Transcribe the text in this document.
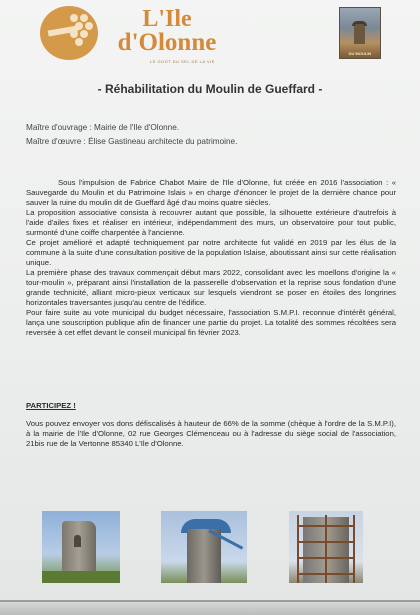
L'Ile
d'Olonne
LE GOÛT DU SEL DE LA VIE
DU MOULIN
- Réhabilitation du Moulin de Gueffard -
Maître d'ouvrage : Mairie de l'Ile d'Olonne.
Maître d'œuvre : Élise Gastineau architecte du patrimoine.

Sous l'impulsion de Fabrice Chabot Maire de l'Ile d'Olonne, fut créée en 2016 l'association : « Sauvegarde du Moulin et du Patrimoine Islais » en charge d'énoncer le projet de la dernière chance pour sauver la ruine du moulin dit de Gueffard âgé d'au moins quatre siècles.

La proposition associative consista à recouvrer autant que possible, la silhouette extérieure d'autrefois à l'aide d'ailes fixes et réaliser en intérieur, indépendamment des murs, un observatoire pour tout public, surmonté d'une coiffe charpentée à l'ancienne.

Ce projet amélioré et adapté techniquement par notre architecte fut validé en 2019 par les élus de la commune à la suite d'une consultation positive de la population Islaise, aboutissant ainsi sur cette réalisation unique.

La première phase des travaux commençait début mars 2022, consolidant avec les moellons d'origine la « tour-moulin », préparant ainsi l'installation de la passerelle d'observation et la reprise sous fondation d'une grande technicité, alliant micro-pieux verticaux sur lesquels viendront se poser en étoiles des longrines horizontales traversantes jusqu'au centre de l'édifice.

Pour faire suite au vote municipal du budget nécessaire, l'association S.M.P.I. reconnue d'intérêt général, lança une souscription publique afin de financer une partie du projet. La totalité des sommes récoltées sera reversée à cet effet devant le conseil municipal fin février 2023.

PARTICIPEZ !
Vous pouvez envoyer vos dons défiscalisés à hauteur de 66% de la somme (chèque à l'ordre de la S.M.P.I), à la mairie de l'Ile d'Olonne, 02 rue Georges Clémenceau ou à l'adresse du siège social de l'association, 21bis rue de la Vertonne 85340 L'Ile d'Olonne.
